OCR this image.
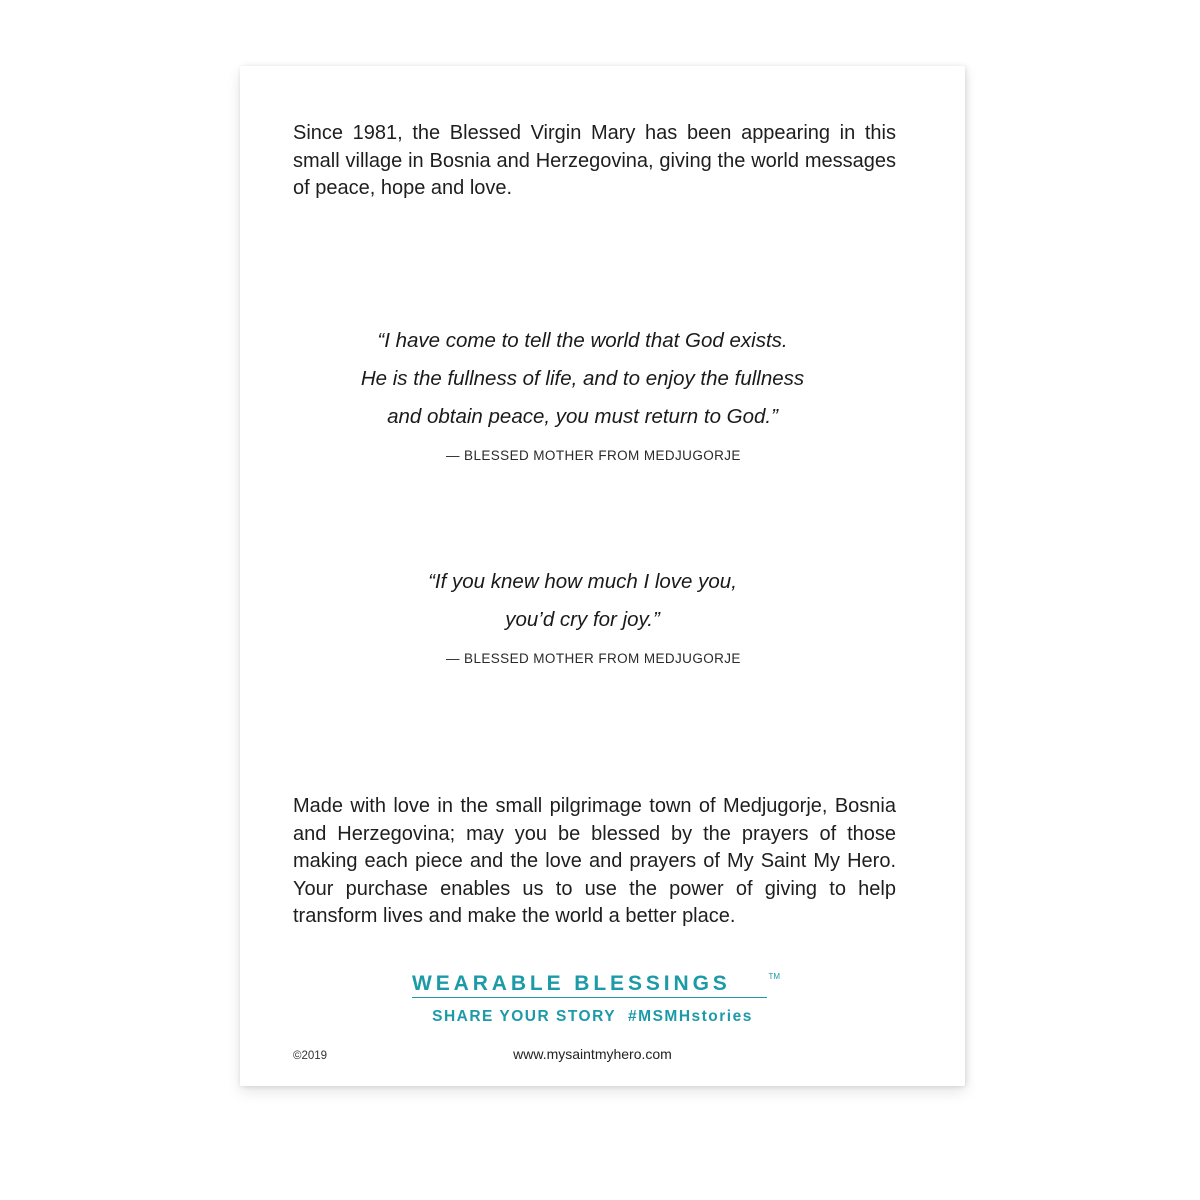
Since 1981, the Blessed Virgin Mary has been appearing in this small village in Bosnia and Herzegovina, giving the world messages of peace, hope and love.

“I have come to tell the world that God exists.
He is the fullness of life, and to enjoy the fullness
and obtain peace, you must return to God.”
— BLESSED MOTHER FROM MEDJUGORJE
“If you knew how much I love you,
you’d cry for joy.”
— BLESSED MOTHER FROM MEDJUGORJE

Made with love in the small pilgrimage town of Medjugorje, Bosnia and Herzegovina; may you be blessed by the prayers of those making each piece and the love and prayers of My Saint My Hero. Your purchase enables us to use the power of giving to help transform lives and make the world a better place.

WEARABLE BLESSINGS	TM
SHARE YOUR STORY #MSMHstories
©2019	www.mysaintmyhero.com
